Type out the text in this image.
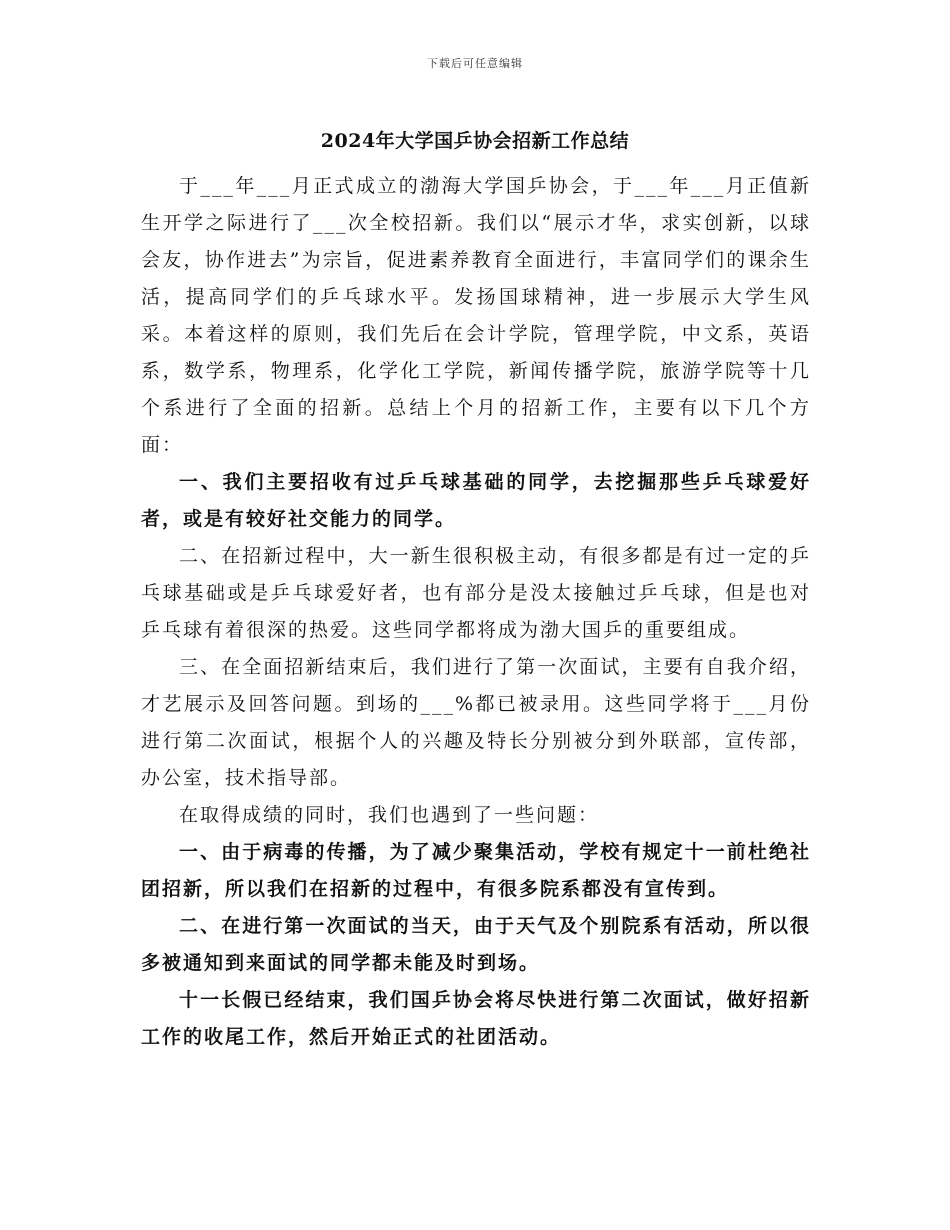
下载后可任意编辑
2024年大学国乒协会招新工作总结

于___年___月正式成立的渤海大学国乒协会，于___年___月正值新生开学之际进行了___次全校招新。我们以“展示才华，求实创新，以球会友，协作进去”为宗旨，促进素养教育全面进行，丰富同学们的课余生活，提高同学们的乒乓球水平。发扬国球精神，进一步展示大学生风采。本着这样的原则，我们先后在会计学院，管理学院，中文系，英语系，数学系，物理系，化学化工学院，新闻传播学院，旅游学院等十几个系进行了全面的招新。总结上个月的招新工作，主要有以下几个方面：

一、我们主要招收有过乒乓球基础的同学，去挖掘那些乒乓球爱好者，或是有较好社交能力的同学。

二、在招新过程中，大一新生很积极主动，有很多都是有过一定的乒乓球基础或是乒乓球爱好者，也有部分是没太接触过乒乓球，但是也对乒乓球有着很深的热爱。这些同学都将成为渤大国乒的重要组成。

三、在全面招新结束后，我们进行了第一次面试，主要有自我介绍，才艺展示及回答问题。到场的___%都已被录用。这些同学将于___月份进行第二次面试，根据个人的兴趣及特长分别被分到外联部，宣传部，办公室，技术指导部。

在取得成绩的同时，我们也遇到了一些问题：

一、由于病毒的传播，为了减少聚集活动，学校有规定十一前杜绝社团招新，所以我们在招新的过程中，有很多院系都没有宣传到。

二、在进行第一次面试的当天，由于天气及个别院系有活动，所以很多被通知到来面试的同学都未能及时到场。

十一长假已经结束，我们国乒协会将尽快进行第二次面试，做好招新工作的收尾工作，然后开始正式的社团活动。
